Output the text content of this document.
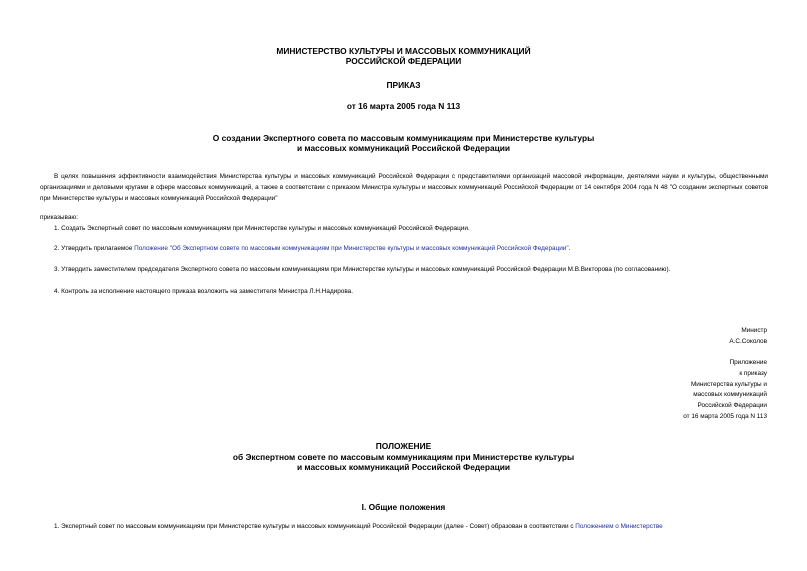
МИНИСТЕРСТВО КУЛЬТУРЫ И МАССОВЫХ КОММУНИКАЦИЙ
РОССИЙСКОЙ ФЕДЕРАЦИИ
ПРИКАЗ
от 16 марта 2005 года N 113
О создании Экспертного совета по массовым коммуникациям при Министерстве культуры
и массовых коммуникаций Российской Федерации
В целях повышения эффективности взаимодействия Министерства культуры и массовых коммуникаций Российской Федерации с представителями организаций массовой информации, деятелями науки и культуры, общественными организациями и деловыми кругами в сфере массовых коммуникаций, а также в соответствии с приказом Министра культуры и массовых коммуникаций Российской Федерации от 14 сентября 2004 года N 48 "О создании экспертных советов при Министерстве культуры и массовых коммуникаций Российской Федерации"
приказываю:
1. Создать Экспертный совет по массовым коммуникациям при Министерстве культуры и массовых коммуникаций Российской Федерации.
2. Утвердить прилагаемое Положение "Об Экспертном совете по массовым коммуникациям при Министерстве культуры и массовых коммуникаций Российской Федерации".
3. Утвердить заместителем председателя Экспертного совета по массовым коммуникациям при Министерстве культуры и массовых коммуникаций Российской Федерации М.В.Викторова (по согласованию).
4. Контроль за исполнение настоящего приказа возложить на заместителя Министра Л.Н.Надирова.
Министр
А.С.Соколов
Приложение
к приказу
Министерства культуры и
массовых коммуникаций
Российской Федерации
от 16 марта 2005 года N 113
ПОЛОЖЕНИЕ
об Экспертном совете по массовым коммуникациям при Министерстве культуры
и массовых коммуникаций Российской Федерации
I. Общие положения
1. Экспертный совет по массовым коммуникациям при Министерстве культуры и массовых коммуникаций Российской Федерации (далее - Совет) образован в соответствии с Положением о Министерстве
